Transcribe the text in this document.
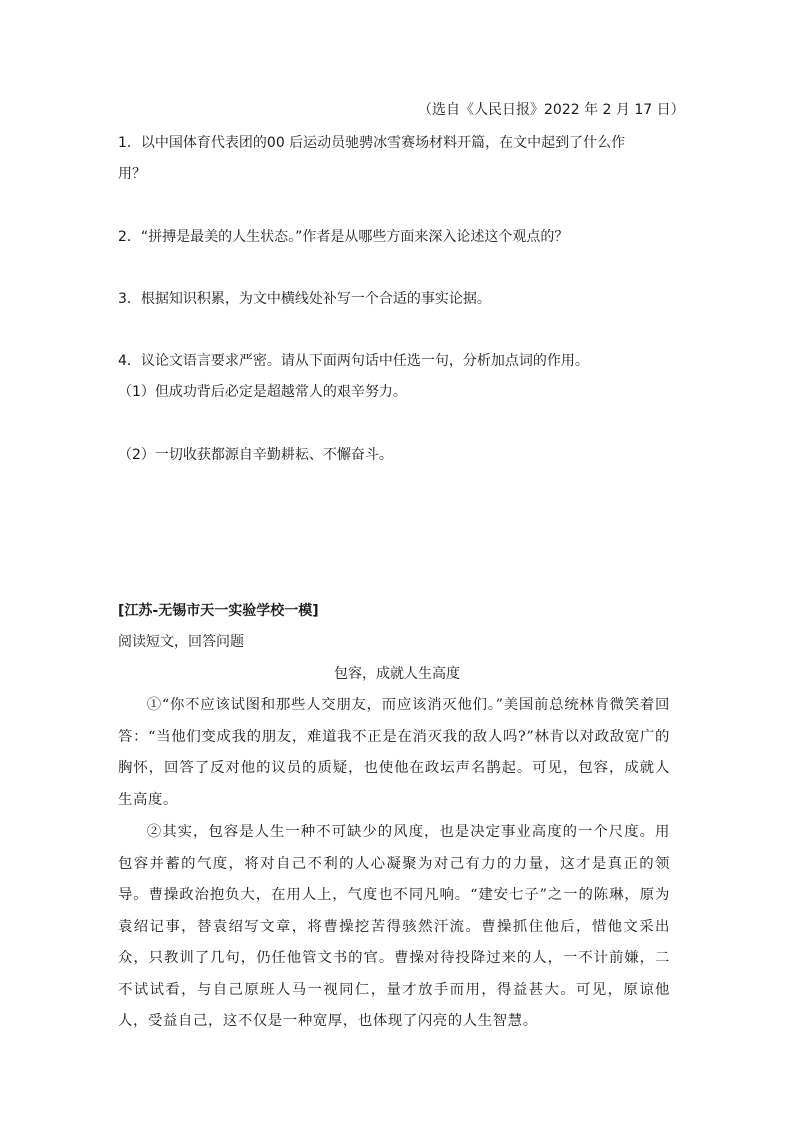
（选自《人民日报》2022 年 2 月 17 日）
1．以中国体育代表团的00 后运动员驰骋冰雪赛场材料开篇，在文中起到了什么作
用？
2．“拼搏是最美的人生状态。”作者是从哪些方面来深入论述这个观点的？
3．根据知识积累，为文中横线处补写一个合适的事实论据。
4．议论文语言要求严密。请从下面两句话中任选一句，分析加点词的作用。
（1）但成功背后必定是超越常人的艰辛努力。
（2）一切收获都源自辛勤耕耘、不懈奋斗。
[江苏-无锡市天一实验学校一模]
阅读短文，回答问题
包容，成就人生高度
①“你不应该试图和那些人交朋友，而应该消灭他们。”美国前总统林肯微笑着回答：“当他们变成我的朋友，难道我不正是在消灭我的敌人吗?”林肯以对政敌宽广的胸怀，回答了反对他的议员的质疑，也使他在政坛声名鹊起。可见，包容，成就人生高度。
②其实，包容是人生一种不可缺少的风度，也是决定事业高度的一个尺度。用包容并蓄的气度，将对自己不利的人心凝聚为对己有力的力量，这才是真正的领导。曹操政治抱负大，在用人上，气度也不同凡响。“建安七子”之一的陈琳，原为袁绍记事，替袁绍写文章，将曹操挖苦得骇然汗流。曹操抓住他后，惜他文采出众，只教训了几句，仍任他管文书的官。曹操对待投降过来的人，一不计前嫌，二不试试看，与自己原班人马一视同仁，量才放手而用，得益甚大。可见，原谅他人，受益自己，这不仅是一种宽厚，也体现了闪亮的人生智慧。
